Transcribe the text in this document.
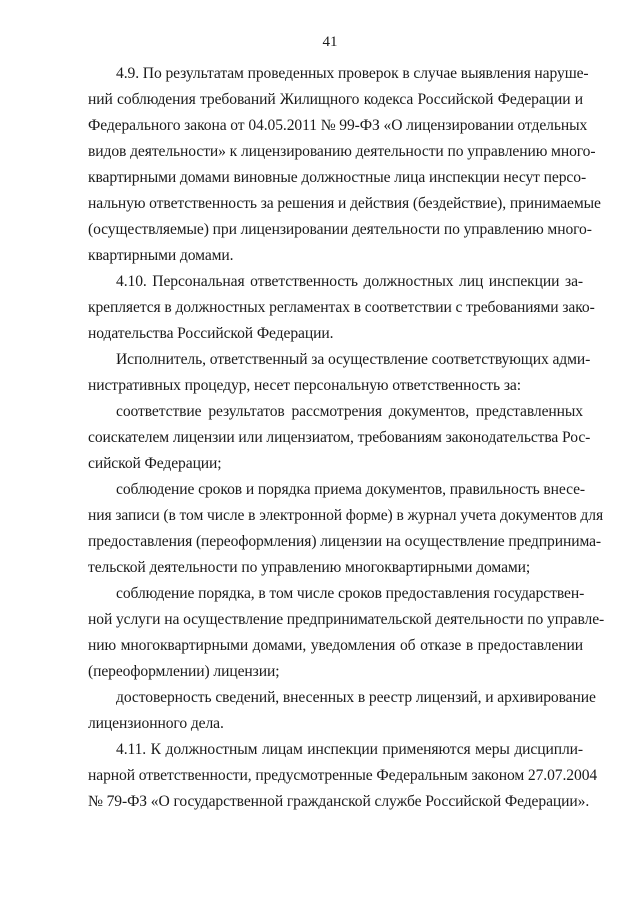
41
4.9. По результатам проведенных проверок в случае выявления наруше-
ний соблюдения требований Жилищного кодекса Российской Федерации и
Федерального закона от 04.05.2011 № 99-ФЗ «О лицензировании отдельных
видов деятельности» к лицензированию деятельности по управлению много-
квартирными домами виновные должностные лица инспекции несут персо-
нальную ответственность за решения и действия (бездействие), принимаемые
(осуществляемые) при лицензировании деятельности по управлению много-
квартирными домами.
4.10. Персональная ответственность должностных лиц инспекции за-
крепляется в должностных регламентах в соответствии с требованиями зако-
нодательства Российской Федерации.
Исполнитель, ответственный за осуществление соответствующих адми-
нистративных процедур, несет персональную ответственность за:
соответствие результатов рассмотрения документов, представленных
соискателем лицензии или лицензиатом, требованиям законодательства Рос-
сийской Федерации;
соблюдение сроков и порядка приема документов, правильность внесе-
ния записи (в том числе в электронной форме) в журнал учета документов для
предоставления (переоформления) лицензии на осуществление предпринима-
тельской деятельности по управлению многоквартирными домами;
соблюдение порядка, в том числе сроков предоставления государствен-
ной услуги на осуществление предпринимательской деятельности по управле-
нию многоквартирными домами, уведомления об отказе в предоставлении
(переоформлении) лицензии;
достоверность сведений, внесенных в реестр лицензий, и архивирование
лицензионного дела.
4.11. К должностным лицам инспекции применяются меры дисципли-
нарной ответственности, предусмотренные Федеральным законом 27.07.2004
№ 79-ФЗ «О государственной гражданской службе Российской Федерации».
